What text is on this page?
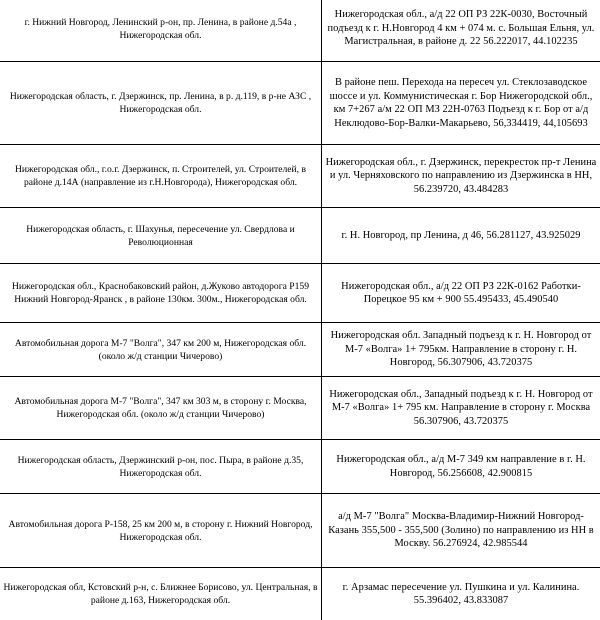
г. Нижний Новгород, Ленинский р-он, пр. Ленина, в районе д.54а , Нижегородская обл.
Нижегородская обл., а/д 22 ОП РЗ 22К-0030, Восточный подъезд к г. Н.Новгород 4 км + 074 м. с. Большая Ельня, ул. Магистральная, в районе д. 22 56.222017, 44.102235
Нижегородская область, г. Дзержинск, пр. Ленина, в р. д.119, в р-не АЗС , Нижегородская обл.
В районе пеш. Перехода на пересеч ул. Стеклозаводское шоссе и ул. Коммунистическая г. Бор Нижегородской обл., км 7+267 а/м 22 ОП МЗ 22Н-0763 Подъезд к г. Бор от а/д Неклюдово-Бор-Валки-Макарьево, 56,334419, 44,105693
Нижегородская обл., г.о.г. Дзержинск, п. Строителей, ул. Строителей, в районе д.14А (направление из г.Н.Новгорода), Нижегородская обл.
Нижегородская обл., г. Дзержинск, перекресток пр-т Ленина и ул. Черняховского по направлению из Дзержинска в НН, 56.239720, 43.484283
Нижегородская область, г. Шахунья, пересечение ул. Свердлова и Революционная
г. Н. Новгород, пр Ленина, д 46, 56.281127, 43.925029
Нижегородская обл., Краснобаковский район, д.Жуково автодорога Р159 Нижний Новгород-Яранск , в районе 130км. 300м., Нижегородская обл.
Нижегородская обл., а/д 22 ОП РЗ 22К-0162 Работки-Порецкое 95 км + 900 55.495433, 45.490540
Автомобильная дорога М-7 "Волга", 347 км 200 м, Нижегородская обл. (около ж/д станции Чичерово)
Нижегородская обл. Западный подъезд к г. Н. Новгород от М-7 «Волга» 1+ 795км. Направление в сторону г. Н. Новгород, 56.307906, 43.720375
Автомобильная дорога М-7 "Волга", 347 км 303 м, в сторону г. Москва, Нижегородская обл. (около ж/д станции Чичерово)
Нижегородская обл., Западный подъезд к г. Н. Новгород от М-7 «Волга» 1+ 795 км. Направление в сторону г. Москва 56.307906, 43.720375
Нижегородская область, Дзержинский р-он, пос. Пыра, в районе д.35, Нижегородская обл.
Нижегородская обл., а/д М-7 349 км направление в г. Н. Новгород, 56.256608, 42.900815
Автомобильная дорога Р-158, 25 км 200 м, в сторону г. Нижний Новгород, Нижегородская обл.
а/д М-7 "Волга" Москва-Владимир-Нижний Новгород-Казань 355,500 - 355,500 (Золино) по направлению из НН в Москву. 56.276924, 42.985544
Нижегородская обл, Кстовский р-н, с. Ближнее Борисово, ул. Центральная, в районе д.163, Нижегородская обл.
г. Арзамас пересечение ул. Пушкина и ул. Калинина. 55.396402, 43.833087
